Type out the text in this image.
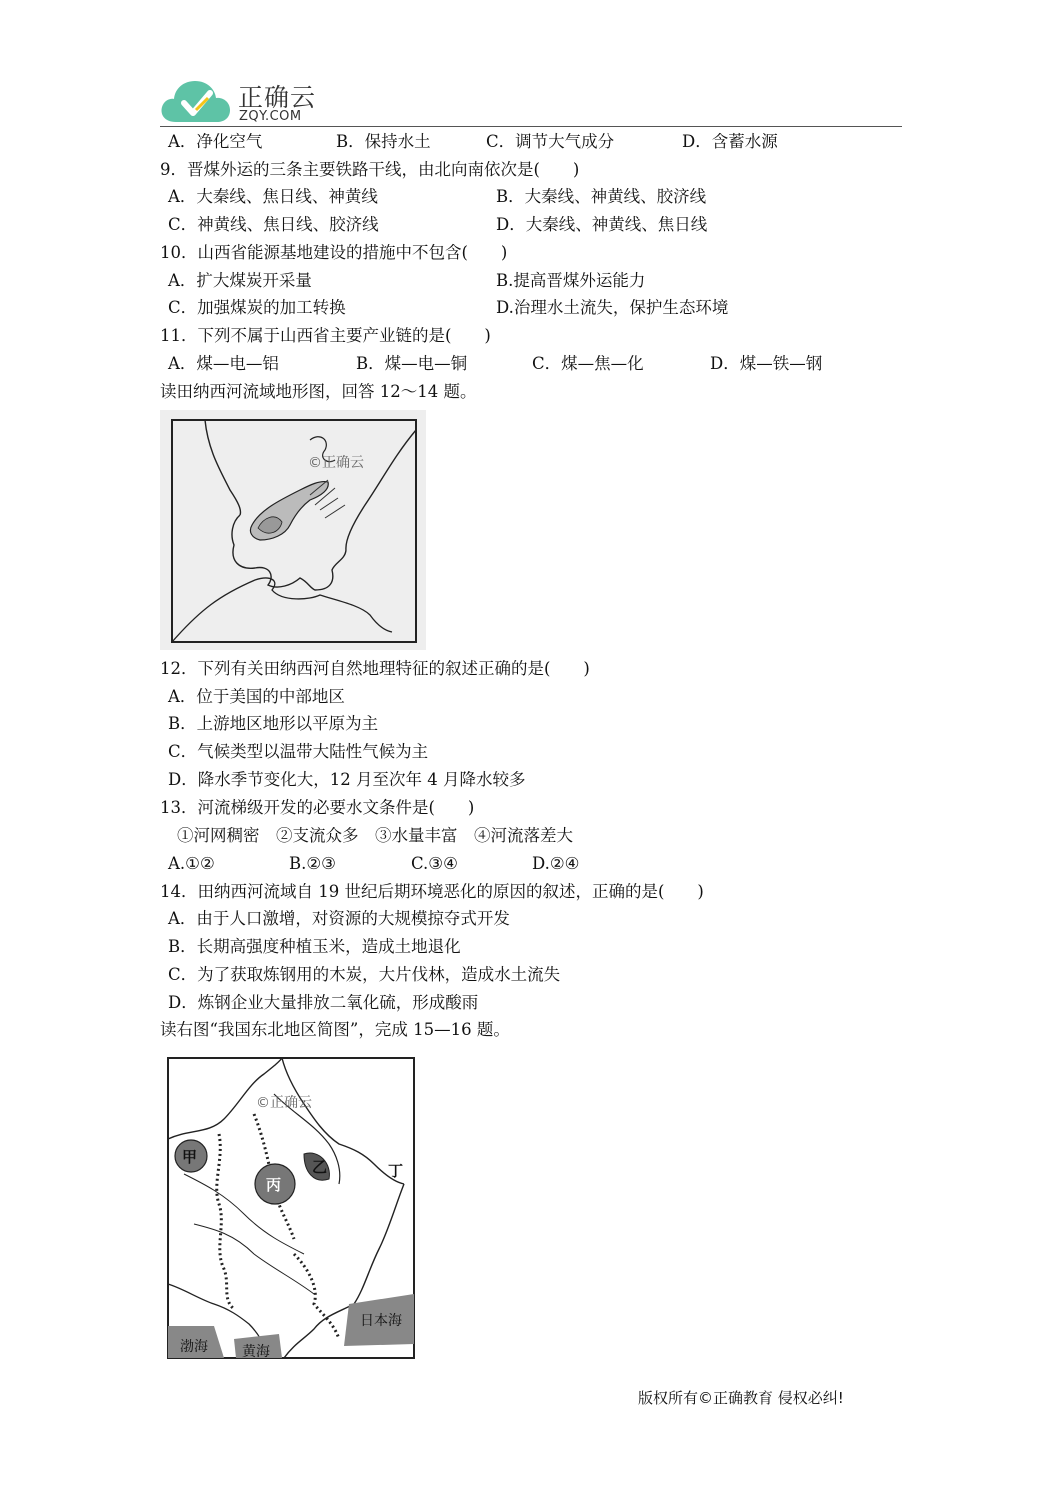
正确云
ZQY.COM
A．净化空气	B．保持水土	C．调节大气成分	D．含蓄水源
9．晋煤外运的三条主要铁路干线，由北向南依次是(　　)
A．大秦线、焦日线、神黄线	B．大秦线、神黄线、胶济线
C．神黄线、焦日线、胶济线	D．大秦线、神黄线、焦日线
10．山西省能源基地建设的措施中不包含(　　)
A．扩大煤炭开采量	B.提高晋煤外运能力
C．加强煤炭的加工转换	D.治理水土流失，保护生态环境
11．下列不属于山西省主要产业链的是(　　)
A．煤—电—铝	B．煤—电—铜	C．煤—焦—化	D．煤—铁—钢
读田纳西河流域地形图，回答 12～14 题。
©正确云
12．下列有关田纳西河自然地理特征的叙述正确的是(　　)
A．位于美国的中部地区
B．上游地区地形以平原为主
C．气候类型以温带大陆性气候为主
D．降水季节变化大，12 月至次年 4 月降水较多
13．河流梯级开发的必要水文条件是(　　)
①河网稠密　②支流众多　③水量丰富　④河流落差大
A.①②	B.②③	C.③④	D.②④
14．田纳西河流域自 19 世纪后期环境恶化的原因的叙述，正确的是(　　)
A．由于人口激增，对资源的大规模掠夺式开发
B．长期高强度种植玉米，造成土地退化
C．为了获取炼钢用的木炭，大片伐林，造成水土流失
D．炼钢企业大量排放二氧化硫，形成酸雨
读右图“我国东北地区简图”，完成 15—16 题。
©正确云
甲
乙
丙
丁
渤海 黄海
日本海
版权所有©正确教育 侵权必纠!
